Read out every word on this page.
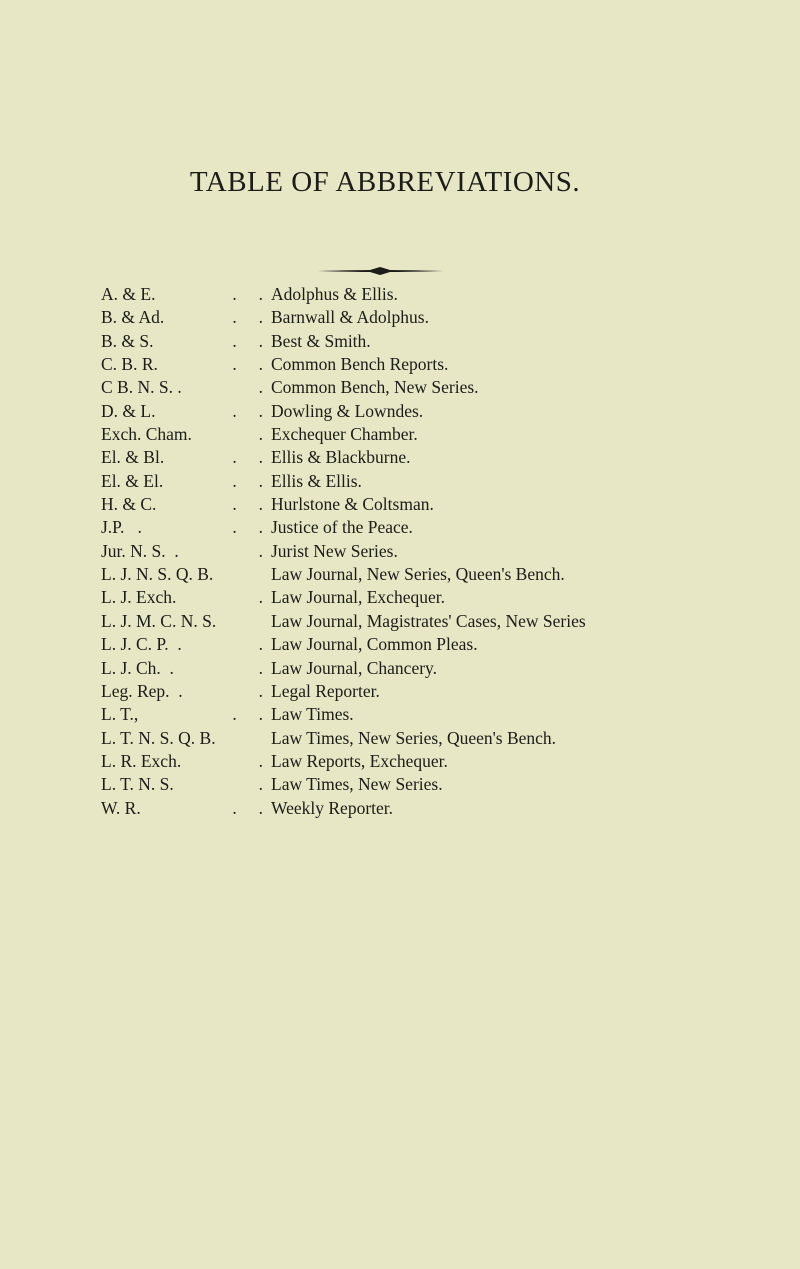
TABLE OF ABBREVIATIONS.
A. & E.	.     . Adolphus & Ellis.
B. & Ad.	.     . Barnwall & Adolphus.
B. & S.	.     . Best & Smith.
C. B. R.	.     . Common Bench Reports.
C B. N. S. .	. Common Bench, New Series.
D. & L.	.     . Dowling & Lowndes.
Exch. Cham.	. Exchequer Chamber.
El. & Bl.	.     . Ellis & Blackburne.
El. & El.	.     . Ellis & Ellis.
H. & C.	.     . Hurlstone & Coltsman.
J.P.   .	.     . Justice of the Peace.
Jur. N. S.  .	. Jurist New Series.
L. J. N. S. Q. B.	Law Journal, New Series, Queen's Bench.
L. J. Exch.	. Law Journal, Exchequer.
L. J. M. C. N. S.	Law Journal, Magistrates' Cases, New Series
L. J. C. P.  .	. Law Journal, Common Pleas.
L. J. Ch.  .	. Law Journal, Chancery.
Leg. Rep.  .	. Legal Reporter.
L. T.,	.     . Law Times.
L. T. N. S. Q. B.	Law Times, New Series, Queen's Bench.
L. R. Exch.	. Law Reports, Exchequer.
L. T. N. S.	. Law Times, New Series.
W. R.	.     . Weekly Reporter.
